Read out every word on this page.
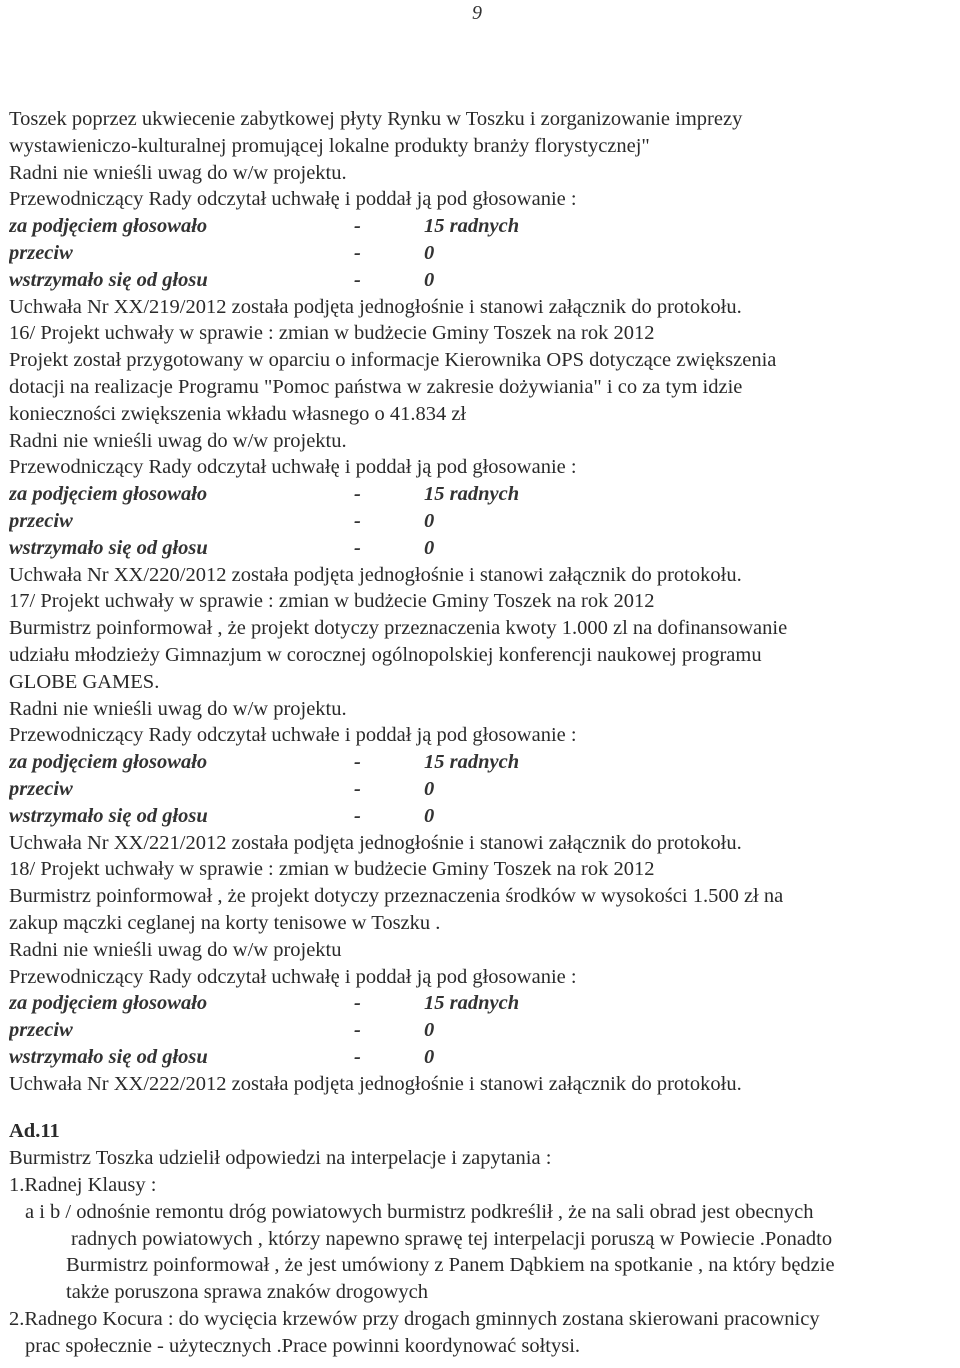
9
Toszek poprzez ukwiecenie zabytkowej płyty Rynku w Toszku i zorganizowanie imprezy
wystawieniczo-kulturalnej promującej lokalne produkty branży florystycznej"
Radni nie wnieśli uwag do w/w projektu.
Przewodniczący Rady odczytał uchwałę i poddał ją pod głosowanie :
za podjęciem głosowało	-	15 radnych
przeciw	-	0
wstrzymało się od głosu	-	0
Uchwała Nr XX/219/2012 została podjęta jednogłośnie i stanowi załącznik do protokołu.
16/ Projekt uchwały w sprawie : zmian w budżecie Gminy Toszek na rok 2012
Projekt został przygotowany w oparciu o informacje Kierownika OPS dotyczące zwiększenia
dotacji na realizacje Programu "Pomoc państwa w zakresie dożywiania" i co za tym idzie
konieczności zwiększenia wkładu własnego o 41.834 zł
Radni nie wnieśli uwag do w/w projektu.
Przewodniczący Rady odczytał uchwałę i poddał ją pod głosowanie :
za podjęciem głosowało	-	15 radnych
przeciw	-	0
wstrzymało się od głosu	-	0
Uchwała Nr XX/220/2012 została podjęta jednogłośnie i stanowi załącznik do protokołu.
17/ Projekt uchwały w sprawie : zmian w budżecie Gminy Toszek na rok 2012
Burmistrz poinformował , że projekt dotyczy przeznaczenia kwoty 1.000 zl na dofinansowanie
udziału młodzieży Gimnazjum w corocznej ogólnopolskiej konferencji naukowej programu
GLOBE GAMES.
Radni nie wnieśli uwag do w/w projektu.
Przewodniczący Rady odczytał uchwałe i poddał ją pod głosowanie :
za podjęciem głosowało	-	15 radnych
przeciw	-	0
wstrzymało się od głosu	-	0
Uchwała Nr XX/221/2012 została podjęta jednogłośnie i stanowi załącznik do protokołu.
18/ Projekt uchwały w sprawie : zmian w budżecie Gminy Toszek na rok 2012
Burmistrz poinformował , że projekt dotyczy przeznaczenia środków w wysokości 1.500 zł na
zakup mączki ceglanej na korty tenisowe w Toszku .
Radni nie wnieśli uwag do w/w projektu
Przewodniczący Rady odczytał uchwałę i poddał ją pod głosowanie :
za podjęciem głosowało	-	15 radnych
przeciw	-	0
wstrzymało się od głosu	-	0
Uchwała Nr XX/222/2012 została podjęta jednogłośnie i stanowi załącznik do protokołu.
Ad.11
Burmistrz Toszka udzielił odpowiedzi na interpelacje i zapytania :
1.Radnej Klausy :
a i b / odnośnie remontu dróg powiatowych burmistrz podkreślił , że na sali obrad jest obecnych
radnych powiatowych , którzy napewno sprawę tej interpelacji poruszą w Powiecie .Ponadto
Burmistrz poinformował , że jest umówiony z Panem Dąbkiem na spotkanie , na który będzie
także poruszona sprawa znaków drogowych
2.Radnego Kocura : do wycięcia krzewów przy drogach gminnych zostana skierowani pracownicy
prac społecznie - użytecznych .Prace powinni koordynować sołtysi.
